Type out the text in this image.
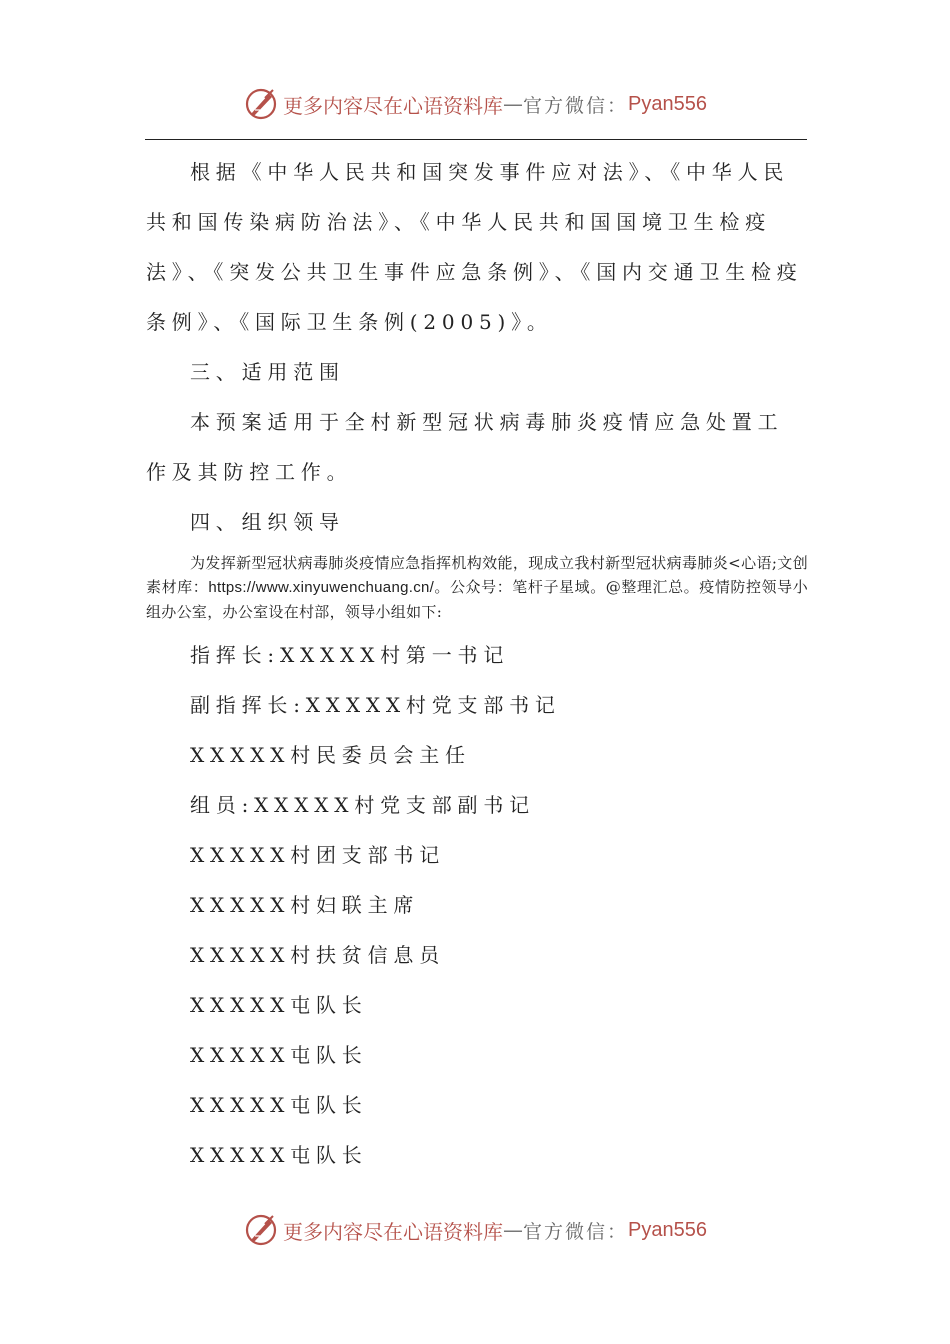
更多内容尽在心语资料库 — 官方微信： Pyan556

根据《中华人民共和国突发事件应对法》、《中华人民共和国传染病防治法》、《中华人民共和国国境卫生检疫法》、《突发公共卫生事件应急条例》、《国内交通卫生检疫条例》、《国际卫生条例(2005)》。

三、适用范围

本预案适用于全村新型冠状病毒肺炎疫情应急处置工作及其防控工作。

四、组织领导

为发挥新型冠状病毒肺炎疫情应急指挥机构效能，现成立我村新型冠状病毒肺炎<心语;文创素材库：https://www.xinyuwenchuang.cn/。公众号：笔杆子星域。@整理汇总。疫情防控领导小组办公室，办公室设在村部，领导小组如下:

指挥长:XXXXX村第一书记

副指挥长:XXXXX村党支部书记

XXXXX村民委员会主任

组员:XXXXX村党支部副书记

XXXXX村团支部书记

XXXXX村妇联主席

XXXXX村扶贫信息员

XXXXX屯队长

XXXXX屯队长

XXXXX屯队长

XXXXX屯队长

更多内容尽在心语资料库 — 官方微信： Pyan556
